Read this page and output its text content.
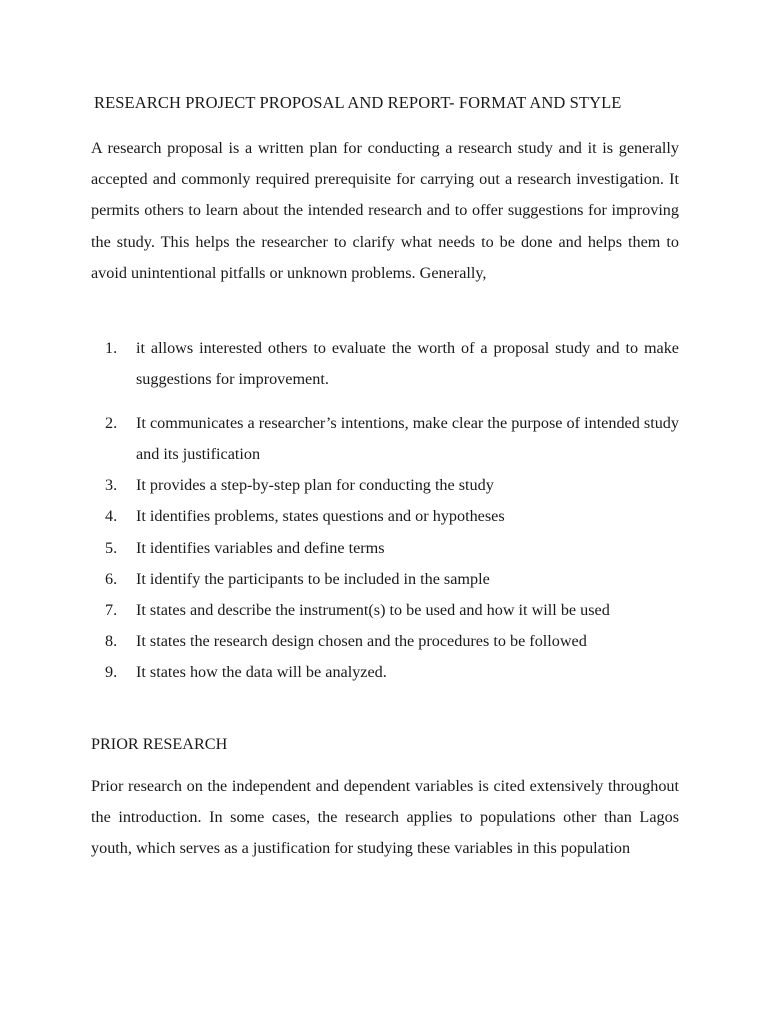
RESEARCH PROJECT PROPOSAL AND REPORT- FORMAT AND STYLE

A research proposal is a written plan for conducting a research study and it is generally accepted and commonly required prerequisite for carrying out a research investigation. It permits others to learn about the intended research and to offer suggestions for improving the study. This helps the researcher to clarify what needs to be done and helps them to avoid unintentional pitfalls or unknown problems. Generally,

1.	it allows interested others to evaluate the worth of a proposal study and to make suggestions for improvement.
2.	It communicates a researcher’s intentions, make clear the purpose of intended study and its justification
3.	It provides a step-by-step plan for conducting the study
4.	It identifies problems, states questions and or hypotheses
5.	It identifies variables and define terms
6.	It identify the participants to be included in the sample
7.	It states and describe the instrument(s) to be used and how it will be used
8.	It states the research design chosen and the procedures to be followed
9.	It states how the data will be analyzed.
PRIOR RESEARCH

Prior research on the independent and dependent variables is cited extensively throughout the introduction. In some cases, the research applies to populations other than Lagos youth, which serves as a justification for studying these variables in this population
